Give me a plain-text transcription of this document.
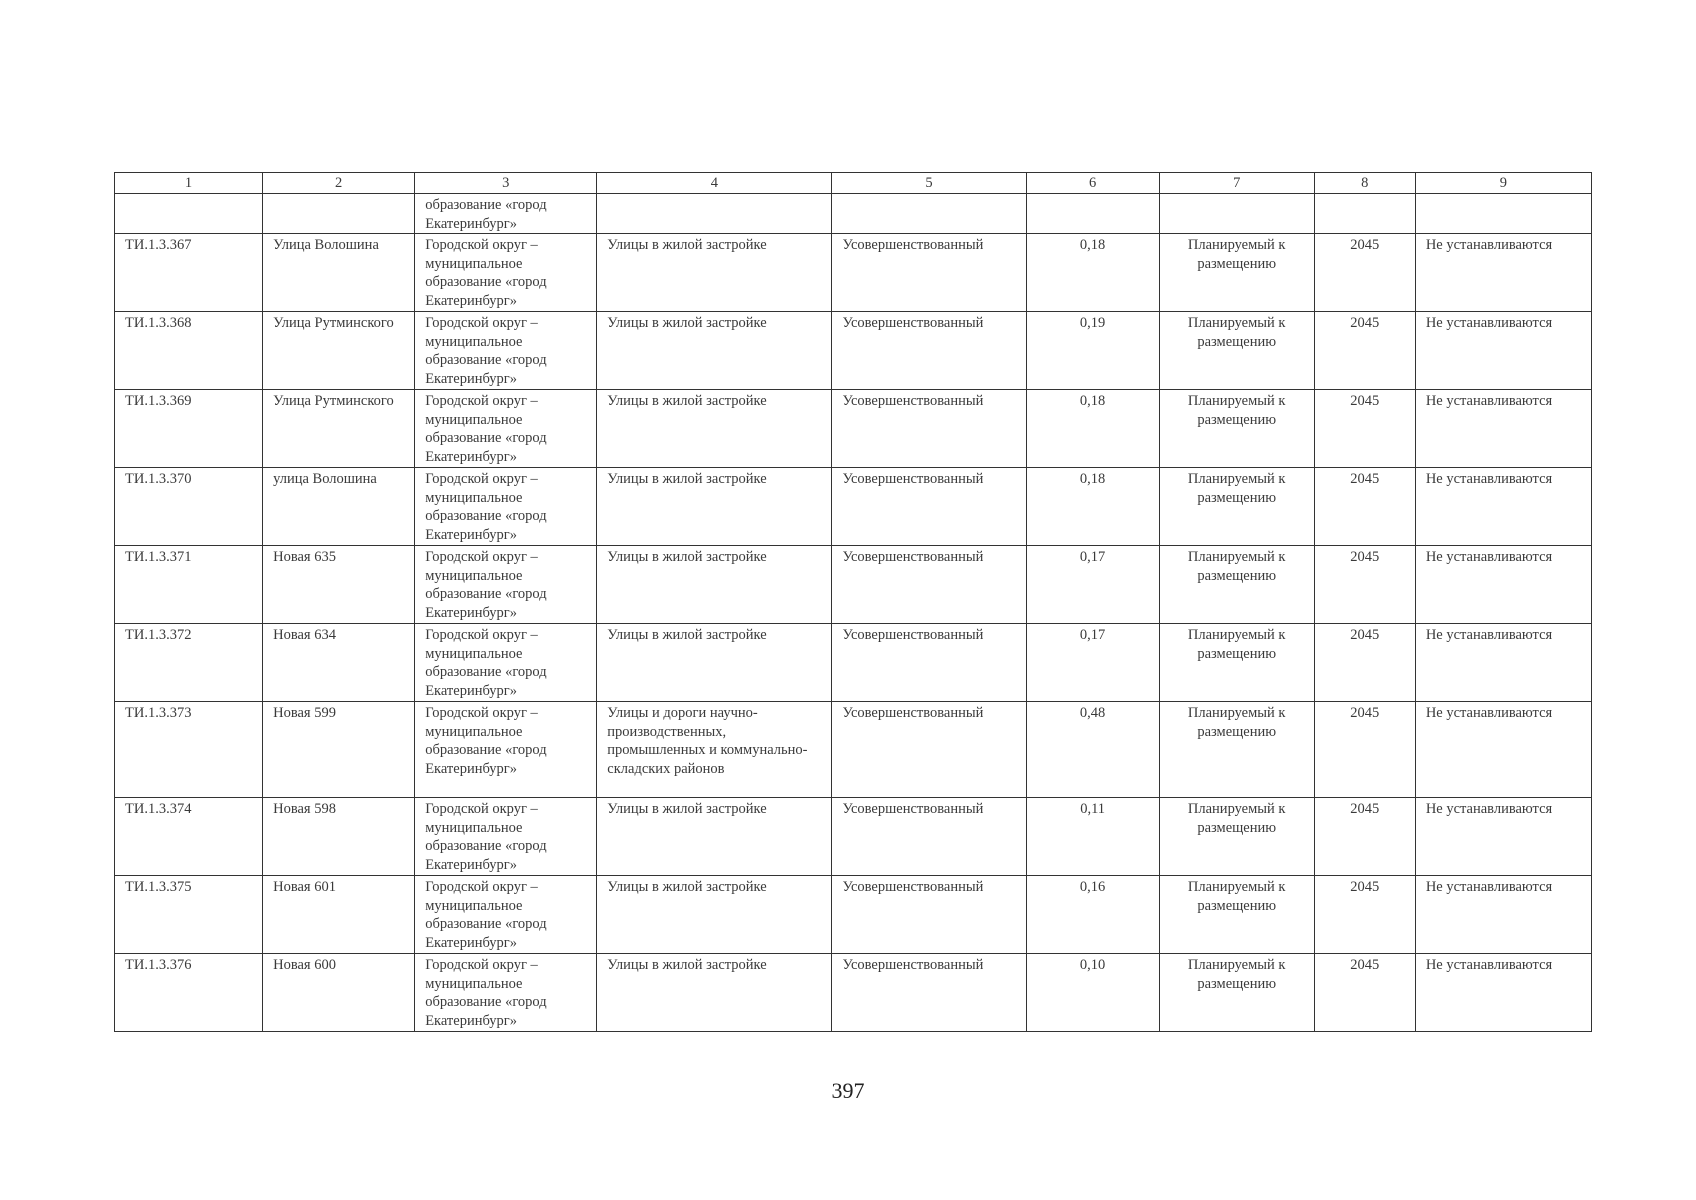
1	2	3	4	5	6	7	8	9
		образование «город Екатеринбург»						
ТИ.1.3.367	Улица Волошина	Городской округ – муниципальное образование «город Екатеринбург»	Улицы в жилой застройке	Усовершенствованный	0,18	Планируемый к размещению	2045	Не устанавливаются
ТИ.1.3.368	Улица Рутминского	Городской округ – муниципальное образование «город Екатеринбург»	Улицы в жилой застройке	Усовершенствованный	0,19	Планируемый к размещению	2045	Не устанавливаются
ТИ.1.3.369	Улица Рутминского	Городской округ – муниципальное образование «город Екатеринбург»	Улицы в жилой застройке	Усовершенствованный	0,18	Планируемый к размещению	2045	Не устанавливаются
ТИ.1.3.370	улица Волошина	Городской округ – муниципальное образование «город Екатеринбург»	Улицы в жилой застройке	Усовершенствованный	0,18	Планируемый к размещению	2045	Не устанавливаются
ТИ.1.3.371	Новая 635	Городской округ – муниципальное образование «город Екатеринбург»	Улицы в жилой застройке	Усовершенствованный	0,17	Планируемый к размещению	2045	Не устанавливаются
ТИ.1.3.372	Новая 634	Городской округ – муниципальное образование «город Екатеринбург»	Улицы в жилой застройке	Усовершенствованный	0,17	Планируемый к размещению	2045	Не устанавливаются
ТИ.1.3.373	Новая 599	Городской округ – муниципальное образование «город Екатеринбург»	Улицы и дороги научно-производственных, промышленных и коммунально-складских районов	Усовершенствованный	0,48	Планируемый к размещению	2045	Не устанавливаются
ТИ.1.3.374	Новая 598	Городской округ – муниципальное образование «город Екатеринбург»	Улицы в жилой застройке	Усовершенствованный	0,11	Планируемый к размещению	2045	Не устанавливаются
ТИ.1.3.375	Новая 601	Городской округ – муниципальное образование «город Екатеринбург»	Улицы в жилой застройке	Усовершенствованный	0,16	Планируемый к размещению	2045	Не устанавливаются
ТИ.1.3.376	Новая 600	Городской округ – муниципальное образование «город Екатеринбург»	Улицы в жилой застройке	Усовершенствованный	0,10	Планируемый к размещению	2045	Не устанавливаются
397
